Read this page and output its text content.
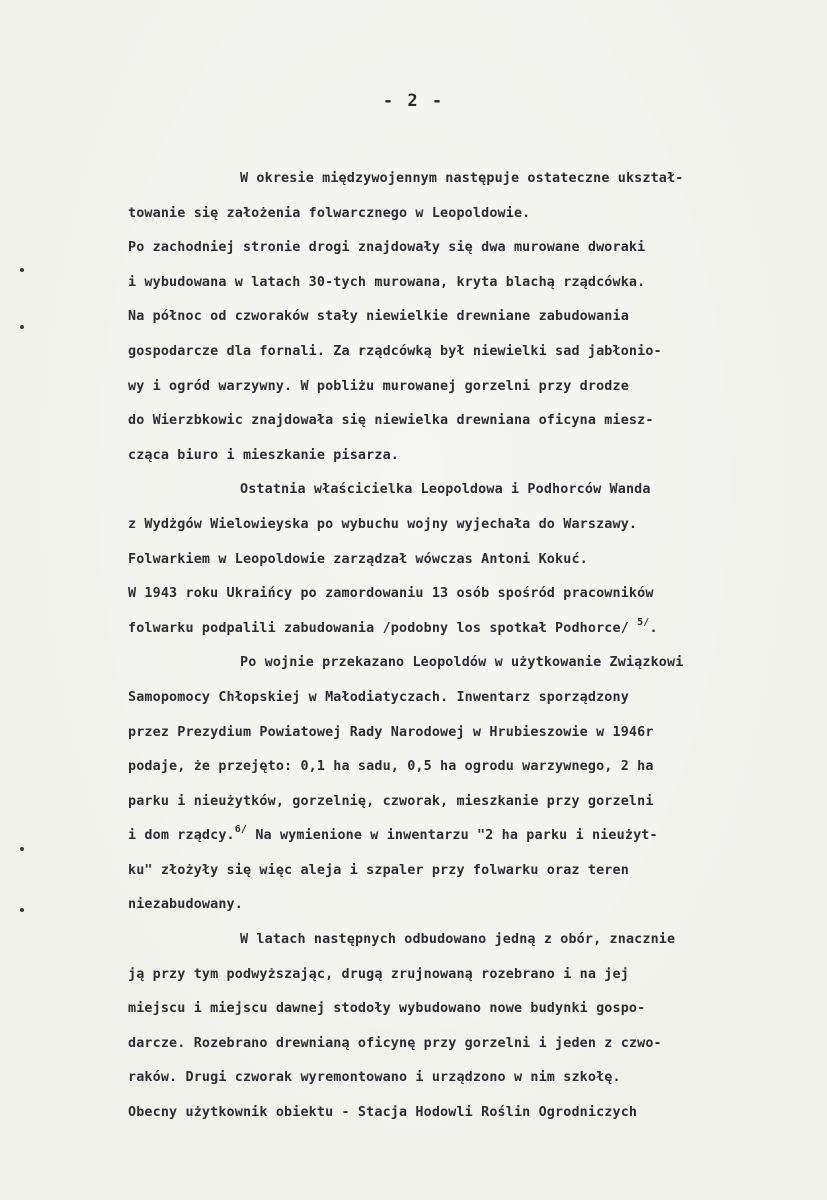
- 2 -
W okresie międzywojennym następuje ostateczne ukształ-
towanie się założenia folwarcznego w Leopoldowie.
Po zachodniej stronie drogi znajdowały się dwa murowane dworaki
i wybudowana w latach 30-tych murowana, kryta blachą rządcówka.
Na północ od czworaków stały niewielkie drewniane zabudowania
gospodarcze dla fornali. Za rządcówką był niewielki sad jabłonio-
wy i ogród warzywny. W pobliżu murowanej gorzelni przy drodze
do Wierzbkowic znajdowała się niewielka drewniana oficyna miesz-
cząca biuro i mieszkanie pisarza.
Ostatnia właścicielka Leopoldowa i Podhorców Wanda
z Wydżgów Wielowieyska po wybuchu wojny wyjechała do Warszawy.
Folwarkiem w Leopoldowie zarządzał wówczas Antoni Kokuć.
W 1943 roku Ukraińcy po zamordowaniu 13 osób spośród pracowników
folwarku podpalili zabudowania /podobny los spotkał Podhorce/ $^{5/}$.
Po wojnie przekazano Leopoldów w użytkowanie Związkowi
Samopomocy Chłopskiej w Małodiatyczach. Inwentarz sporządzony
przez Prezydium Powiatowej Rady Narodowej w Hrubieszowie w 1946r
podaje, że przejęto: 0,1 ha sadu, 0,5 ha ogrodu warzywnego, 2 ha
parku i nieużytków, gorzelnię, czworak, mieszkanie przy gorzelni
i dom rządcy.$^{6/}$ Na wymienione w inwentarzu "2 ha parku i nieużyt-
ku" złożyły się więc aleja i szpaler przy folwarku oraz teren
niezabudowany.
W latach następnych odbudowano jedną z obór, znacznie
ją przy tym podwyższając, drugą zrujnowaną rozebrano i na jej
miejscu i miejscu dawnej stodoły wybudowano nowe budynki gospo-
darcze. Rozebrano drewnianą oficynę przy gorzelni i jeden z czwo-
raków. Drugi czworak wyremontowano i urządzono w nim szkołę.
Obecny użytkownik obiektu - Stacja Hodowli Roślin Ogrodniczych
